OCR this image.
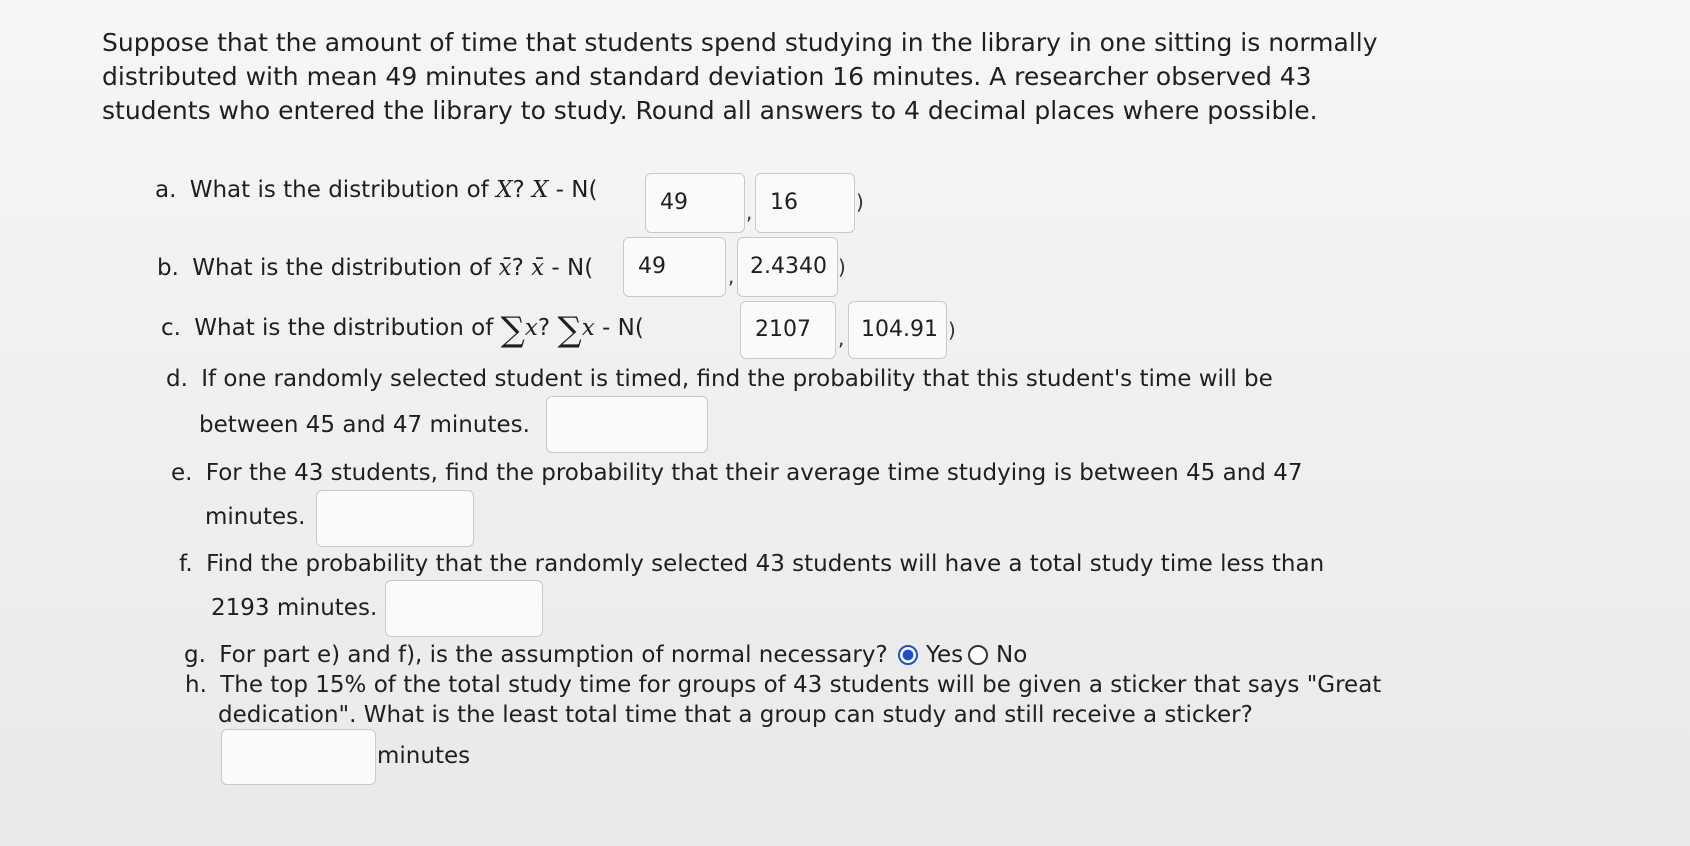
Suppose that the amount of time that students spend studying in the library in one sitting is normally distributed with mean 49 minutes and standard deviation 16 minutes. A researcher observed 43 students who entered the library to study. Round all answers to 4 decimal places where possible.
a. What is the distribution of X? X - N(	49	, 16	)
b. What is the distribution of x̄? x̄ - N( 49	, 2.4340 )
c. What is the distribution of ∑x? ∑x - N(	2107 , 104.91 )
d. If one randomly selected student is timed, find the probability that this student's time will be
between 45 and 47 minutes.
e. For the 43 students, find the probability that their average time studying is between 45 and 47
minutes.
f. Find the probability that the randomly selected 43 students will have a total study time less than
2193 minutes.
g. For part e) and f), is the assumption of normal necessary? Yes No
h. The top 15% of the total study time for groups of 43 students will be given a sticker that says "Great
dedication". What is the least total time that a group can study and still receive a sticker?
minutes
